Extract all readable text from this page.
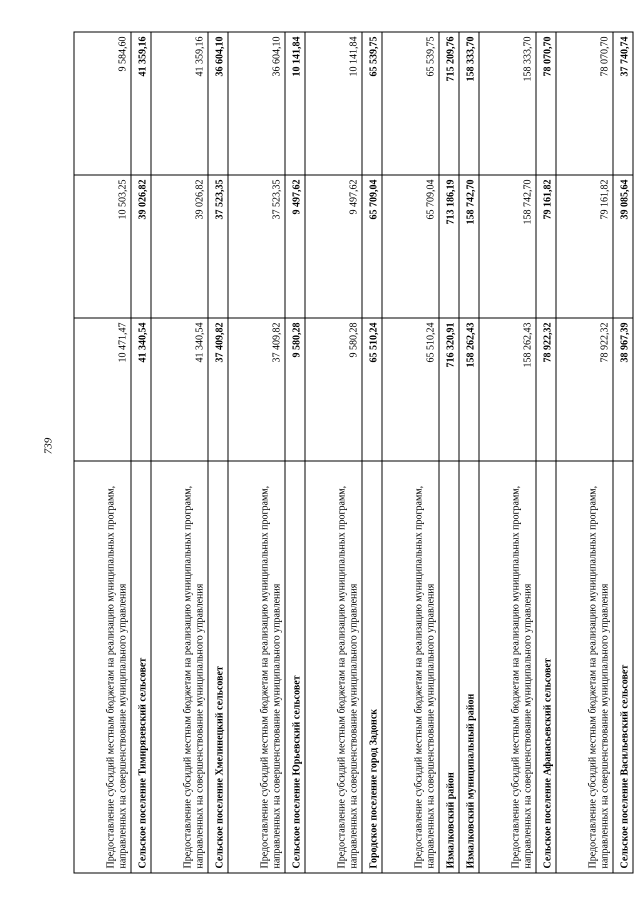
739
Предоставление субсидий местным бюджетам на реализацию муниципальных программ, направленных на совершенствование муниципального управления	10 471,47	10 503,25	9 584,60
Сельское поселение Тимирязевский сельсовет	41 340,54	39 026,82	41 359,16
Предоставление субсидий местным бюджетам на реализацию муниципальных программ, направленных на совершенствование муниципального управления	41 340,54	39 026,82	41 359,16
Сельское поселение Хмелинецкий сельсовет	37 409,82	37 523,35	36 604,10
Предоставление субсидий местным бюджетам на реализацию муниципальных программ, направленных на совершенствование муниципального управления	37 409,82	37 523,35	36 604,10
Сельское поселение Юрьевский сельсовет	9 580,28	9 497,62	10 141,84
Предоставление субсидий местным бюджетам на реализацию муниципальных программ, направленных на совершенствование муниципального управления	9 580,28	9 497,62	10 141,84
Городское поселение город Задонск	65 510,24	65 709,04	65 539,75
Предоставление субсидий местным бюджетам на реализацию муниципальных программ, направленных на совершенствование муниципального управления	65 510,24	65 709,04	65 539,75
Измалковский район	716 320,91	713 186,19	715 209,76
Измалковский муниципальный район	158 262,43	158 742,70	158 333,70
Предоставление субсидий местным бюджетам на реализацию муниципальных программ, направленных на совершенствование муниципального управления	158 262,43	158 742,70	158 333,70
Сельское поселение Афанасьевский сельсовет	78 922,32	79 161,82	78 070,70
Предоставление субсидий местным бюджетам на реализацию муниципальных программ, направленных на совершенствование муниципального управления	78 922,32	79 161,82	78 070,70
Сельское поселение Васильевский сельсовет	38 967,39	39 085,64	37 740,74
